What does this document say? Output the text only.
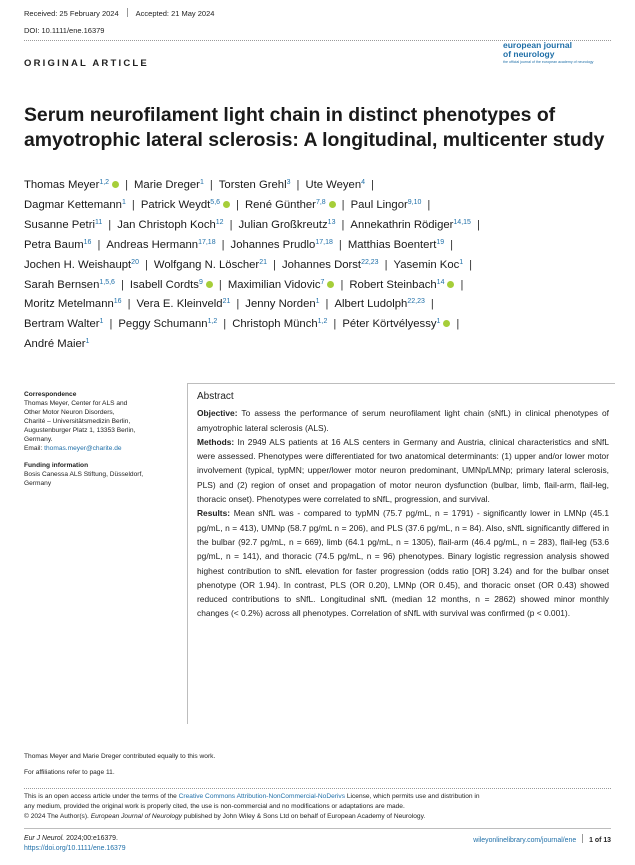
Received: 25 February 2024 Accepted: 21 May 2024
DOI: 10.1111/ene.16379
ORIGINAL ARTICLE
european journal
of neurology
the official journal of the european academy of neurology
Serum neurofilament light chain in distinct phenotypes of amyotrophic lateral sclerosis: A longitudinal, multicenter study
Thomas Meyer$^{1,2}$ | Marie Dreger$^1$ | Torsten Grehl$^3$ | Ute Weyen$^4$ |
Dagmar Kettemann$^1$ | Patrick Weydt$^{5,6}$ | René Günther$^{7,8}$ | Paul Lingor$^{9,10}$ |
Susanne Petri$^{11}$ | Jan Christoph Koch$^{12}$ | Julian Großkreutz$^{13}$ | Annekathrin Rödiger$^{14,15}$ |
Petra Baum$^{16}$ | Andreas Hermann$^{17,18}$ | Johannes Prudlo$^{17,18}$ | Matthias Boentert$^{19}$ |
Jochen H. Weishaupt$^{20}$ | Wolfgang N. Löscher$^{21}$ | Johannes Dorst$^{22,23}$ | Yasemin Koc$^1$ |
Sarah Bernsen$^{1,5,6}$ | Isabell Cordts$^9$ | Maximilian Vidovic$^7$ | Robert Steinbach$^{14}$ |
Moritz Metelmann$^{16}$ | Vera E. Kleinveld$^{21}$ | Jenny Norden$^1$ | Albert Ludolph$^{22,23}$ |
Bertram Walter$^1$ | Peggy Schumann$^{1,2}$ | Christoph Münch$^{1,2}$ | Péter Körtvélyessy$^1$ |
André Maier$^1$
Correspondence
Thomas Meyer, Center for ALS and
Other Motor Neuron Disorders,
Charité – Universitätsmedizin Berlin,
Augustenburger Platz 1, 13353 Berlin,
Germany.
Email: thomas.meyer@charite.de
Funding information
Bosis Canessa ALS Stiftung, Düsseldorf,
Germany
Abstract

Objective: To assess the performance of serum neurofilament light chain (sNfL) in clinical phenotypes of amyotrophic lateral sclerosis (ALS).

Methods: In 2949 ALS patients at 16 ALS centers in Germany and Austria, clinical characteristics and sNfL were assessed. Phenotypes were differentiated for two anatomical determinants: (1) upper and/or lower motor involvement (typical, typMN; upper/lower motor neuron predominant, UMNp/LMNp; primary lateral sclerosis, PLS) and (2) region of onset and propagation of motor neuron dysfunction (bulbar, limb, flail-arm, flail-leg, thoracic onset). Phenotypes were correlated to sNfL, progression, and survival.

Results: Mean sNfL was - compared to typMN (75.7 pg/mL, n = 1791) - significantly lower in LMNp (45.1 pg/mL, n = 413), UMNp (58.7 pg/mL n = 206), and PLS (37.6 pg/mL, n = 84). Also, sNfL significantly differed in the bulbar (92.7 pg/mL, n = 669), limb (64.1 pg/mL, n = 1305), flail-arm (46.4 pg/mL, n = 283), flail-leg (53.6 pg/mL, n = 141), and thoracic (74.5 pg/mL, n = 96) phenotypes. Binary logistic regression analysis showed highest contribution to sNfL elevation for faster progression (odds ratio [OR] 3.24) and for the bulbar onset phenotype (OR 1.94). In contrast, PLS (OR 0.20), LMNp (OR 0.45), and thoracic onset (OR 0.43) showed reduced contributions to sNfL. Longitudinal sNfL (median 12 months, n = 2862) showed minor monthly changes (< 0.2%) across all phenotypes. Correlation of sNfL with survival was confirmed (p < 0.001).

Thomas Meyer and Marie Dreger contributed equally to this work.
For affiliations refer to page 11.
This is an open access article under the terms of the Creative Commons Attribution-NonCommercial-NoDerivs License, which permits use and distribution in
any medium, provided the original work is properly cited, the use is non-commercial and no modifications or adaptations are made.
© 2024 The Author(s). European Journal of Neurology published by John Wiley & Sons Ltd on behalf of European Academy of Neurology.
Eur J Neurol. 2024;00:e16379.
https://doi.org/10.1111/ene.16379
wileyonlinelibrary.com/journal/ene 1 of 13
